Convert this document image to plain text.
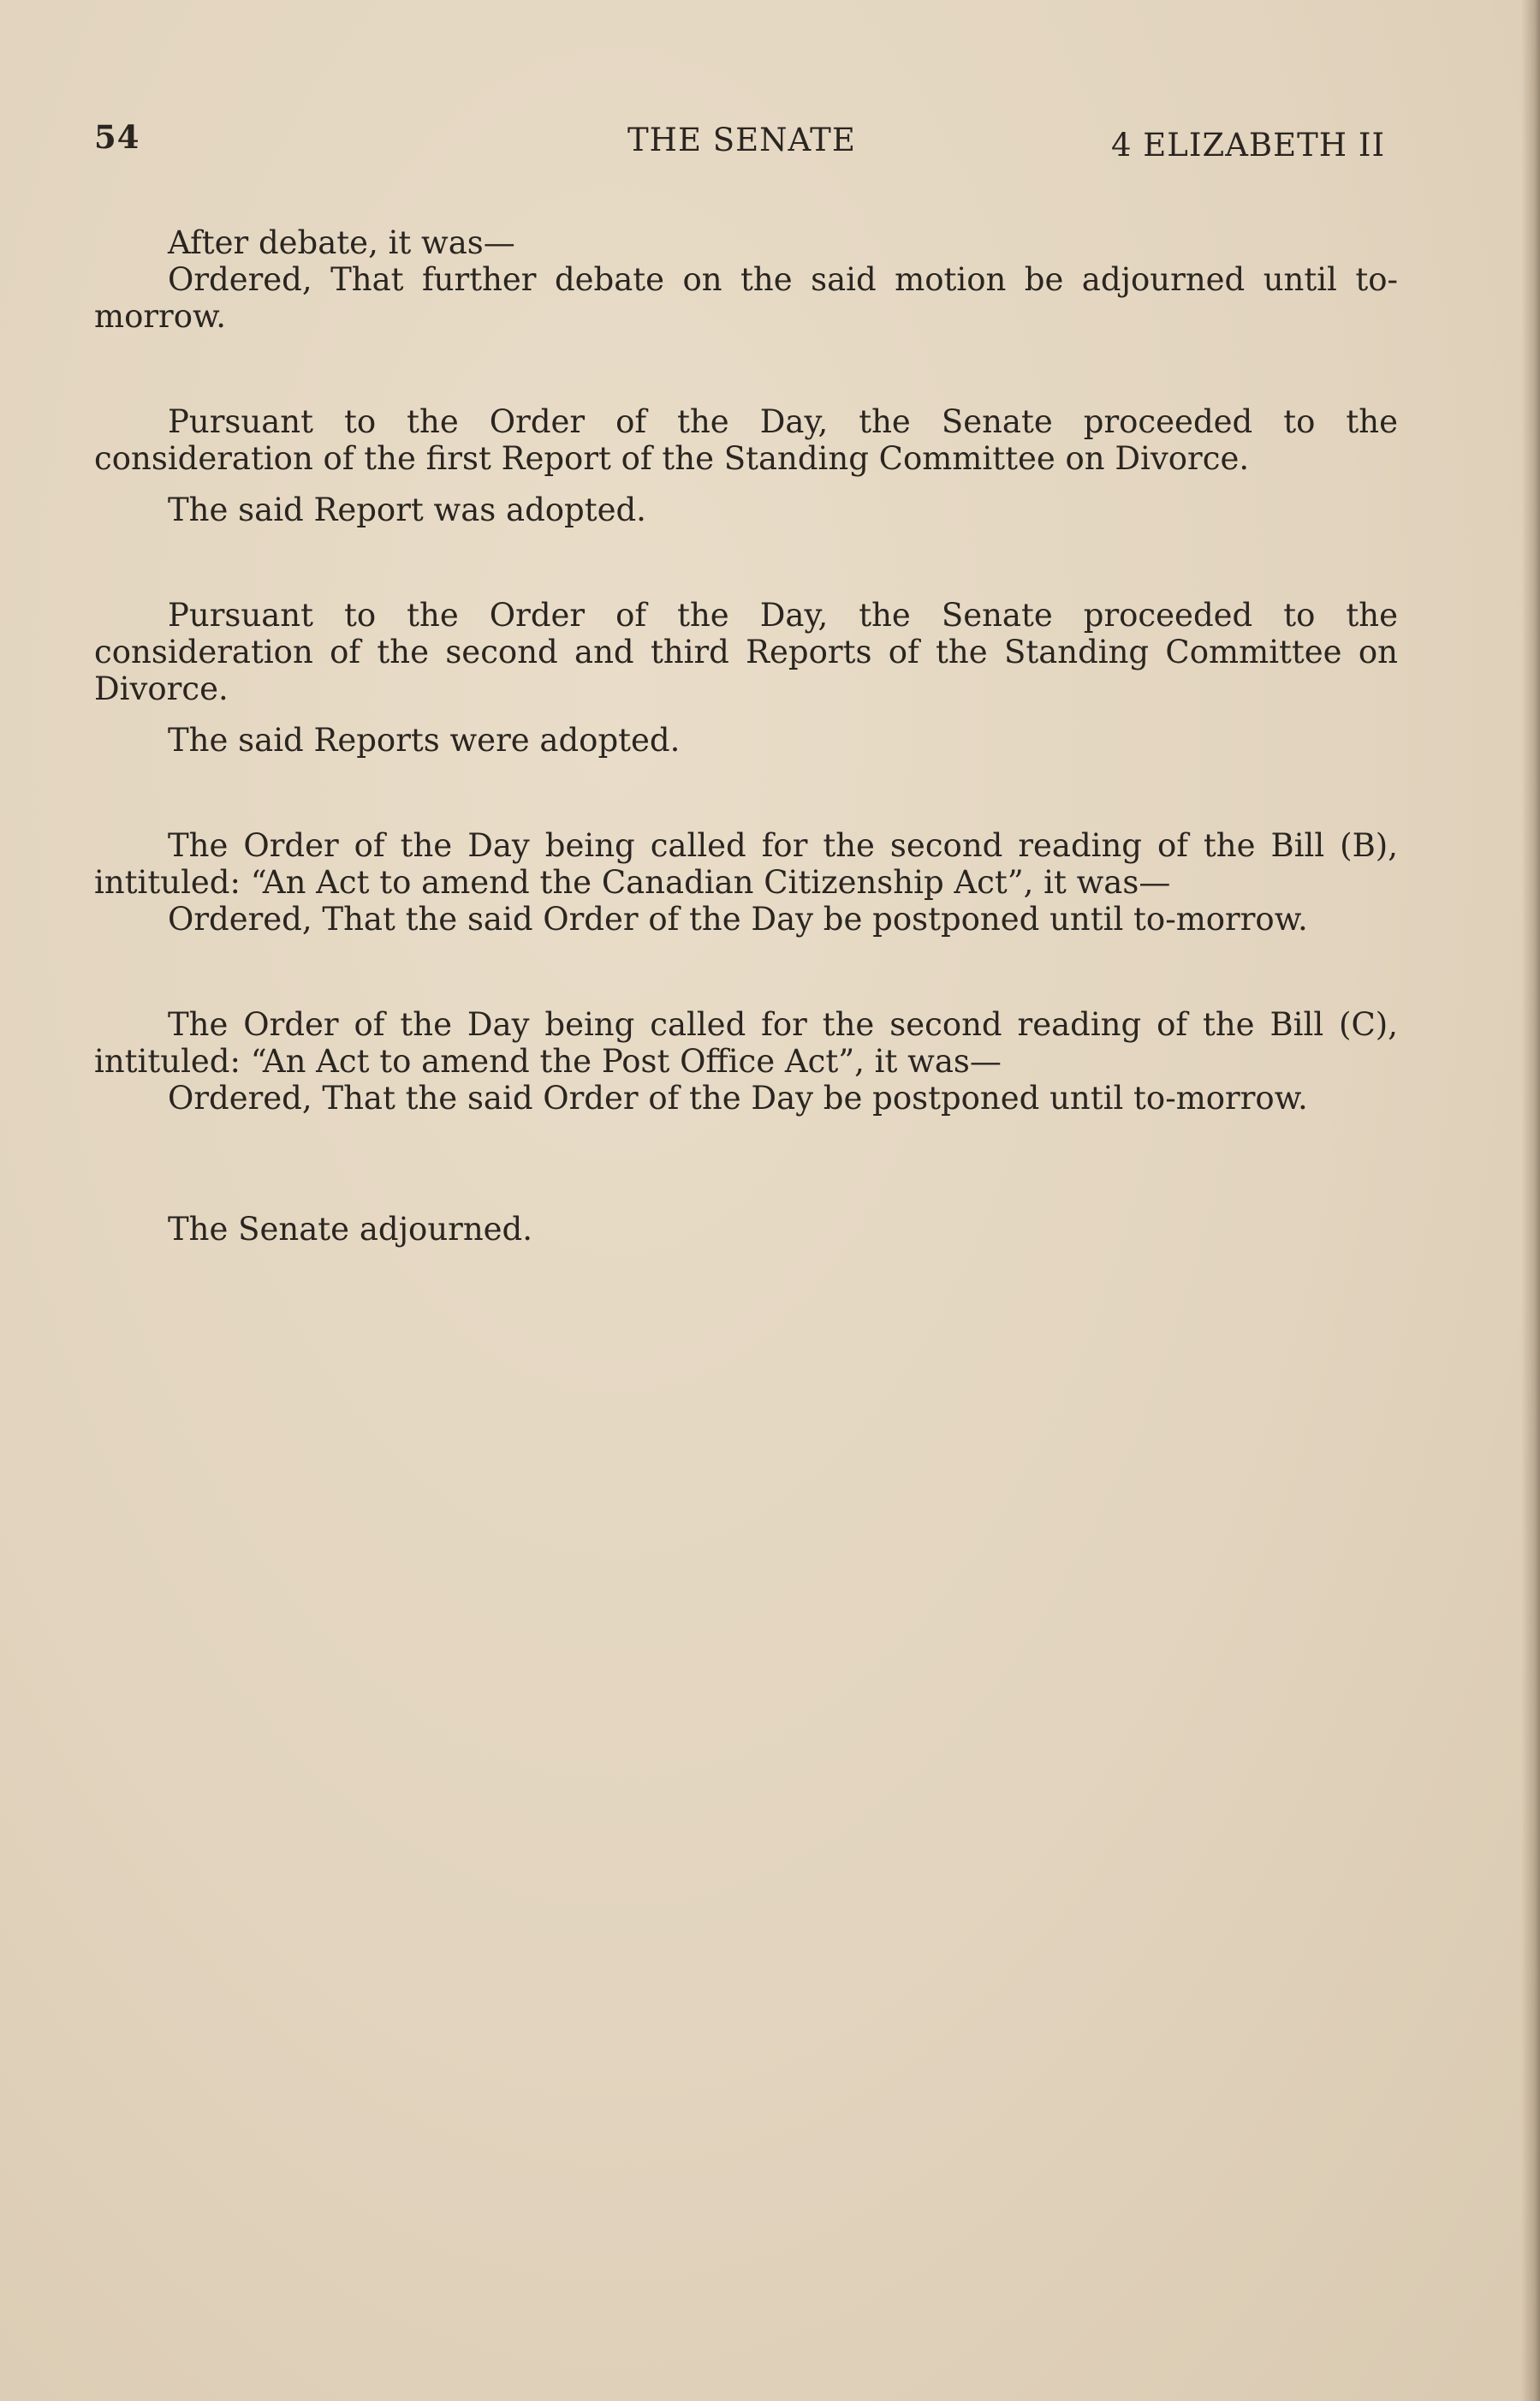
54	THE SENATE	4 ELIZABETH II

After debate, it was—

Ordered, That further debate on the said motion be adjourned until to-morrow.

Pursuant to the Order of the Day, the Senate proceeded to the consideration of the first Report of the Standing Committee on Divorce.

The said Report was adopted.

Pursuant to the Order of the Day, the Senate proceeded to the consideration of the second and third Reports of the Standing Committee on Divorce.

The said Reports were adopted.

The Order of the Day being called for the second reading of the Bill (B), intituled: “An Act to amend the Canadian Citizenship Act”, it was—

Ordered, That the said Order of the Day be postponed until to-morrow.

The Order of the Day being called for the second reading of the Bill (C), intituled: “An Act to amend the Post Office Act”, it was—

Ordered, That the said Order of the Day be postponed until to-morrow.

The Senate adjourned.
